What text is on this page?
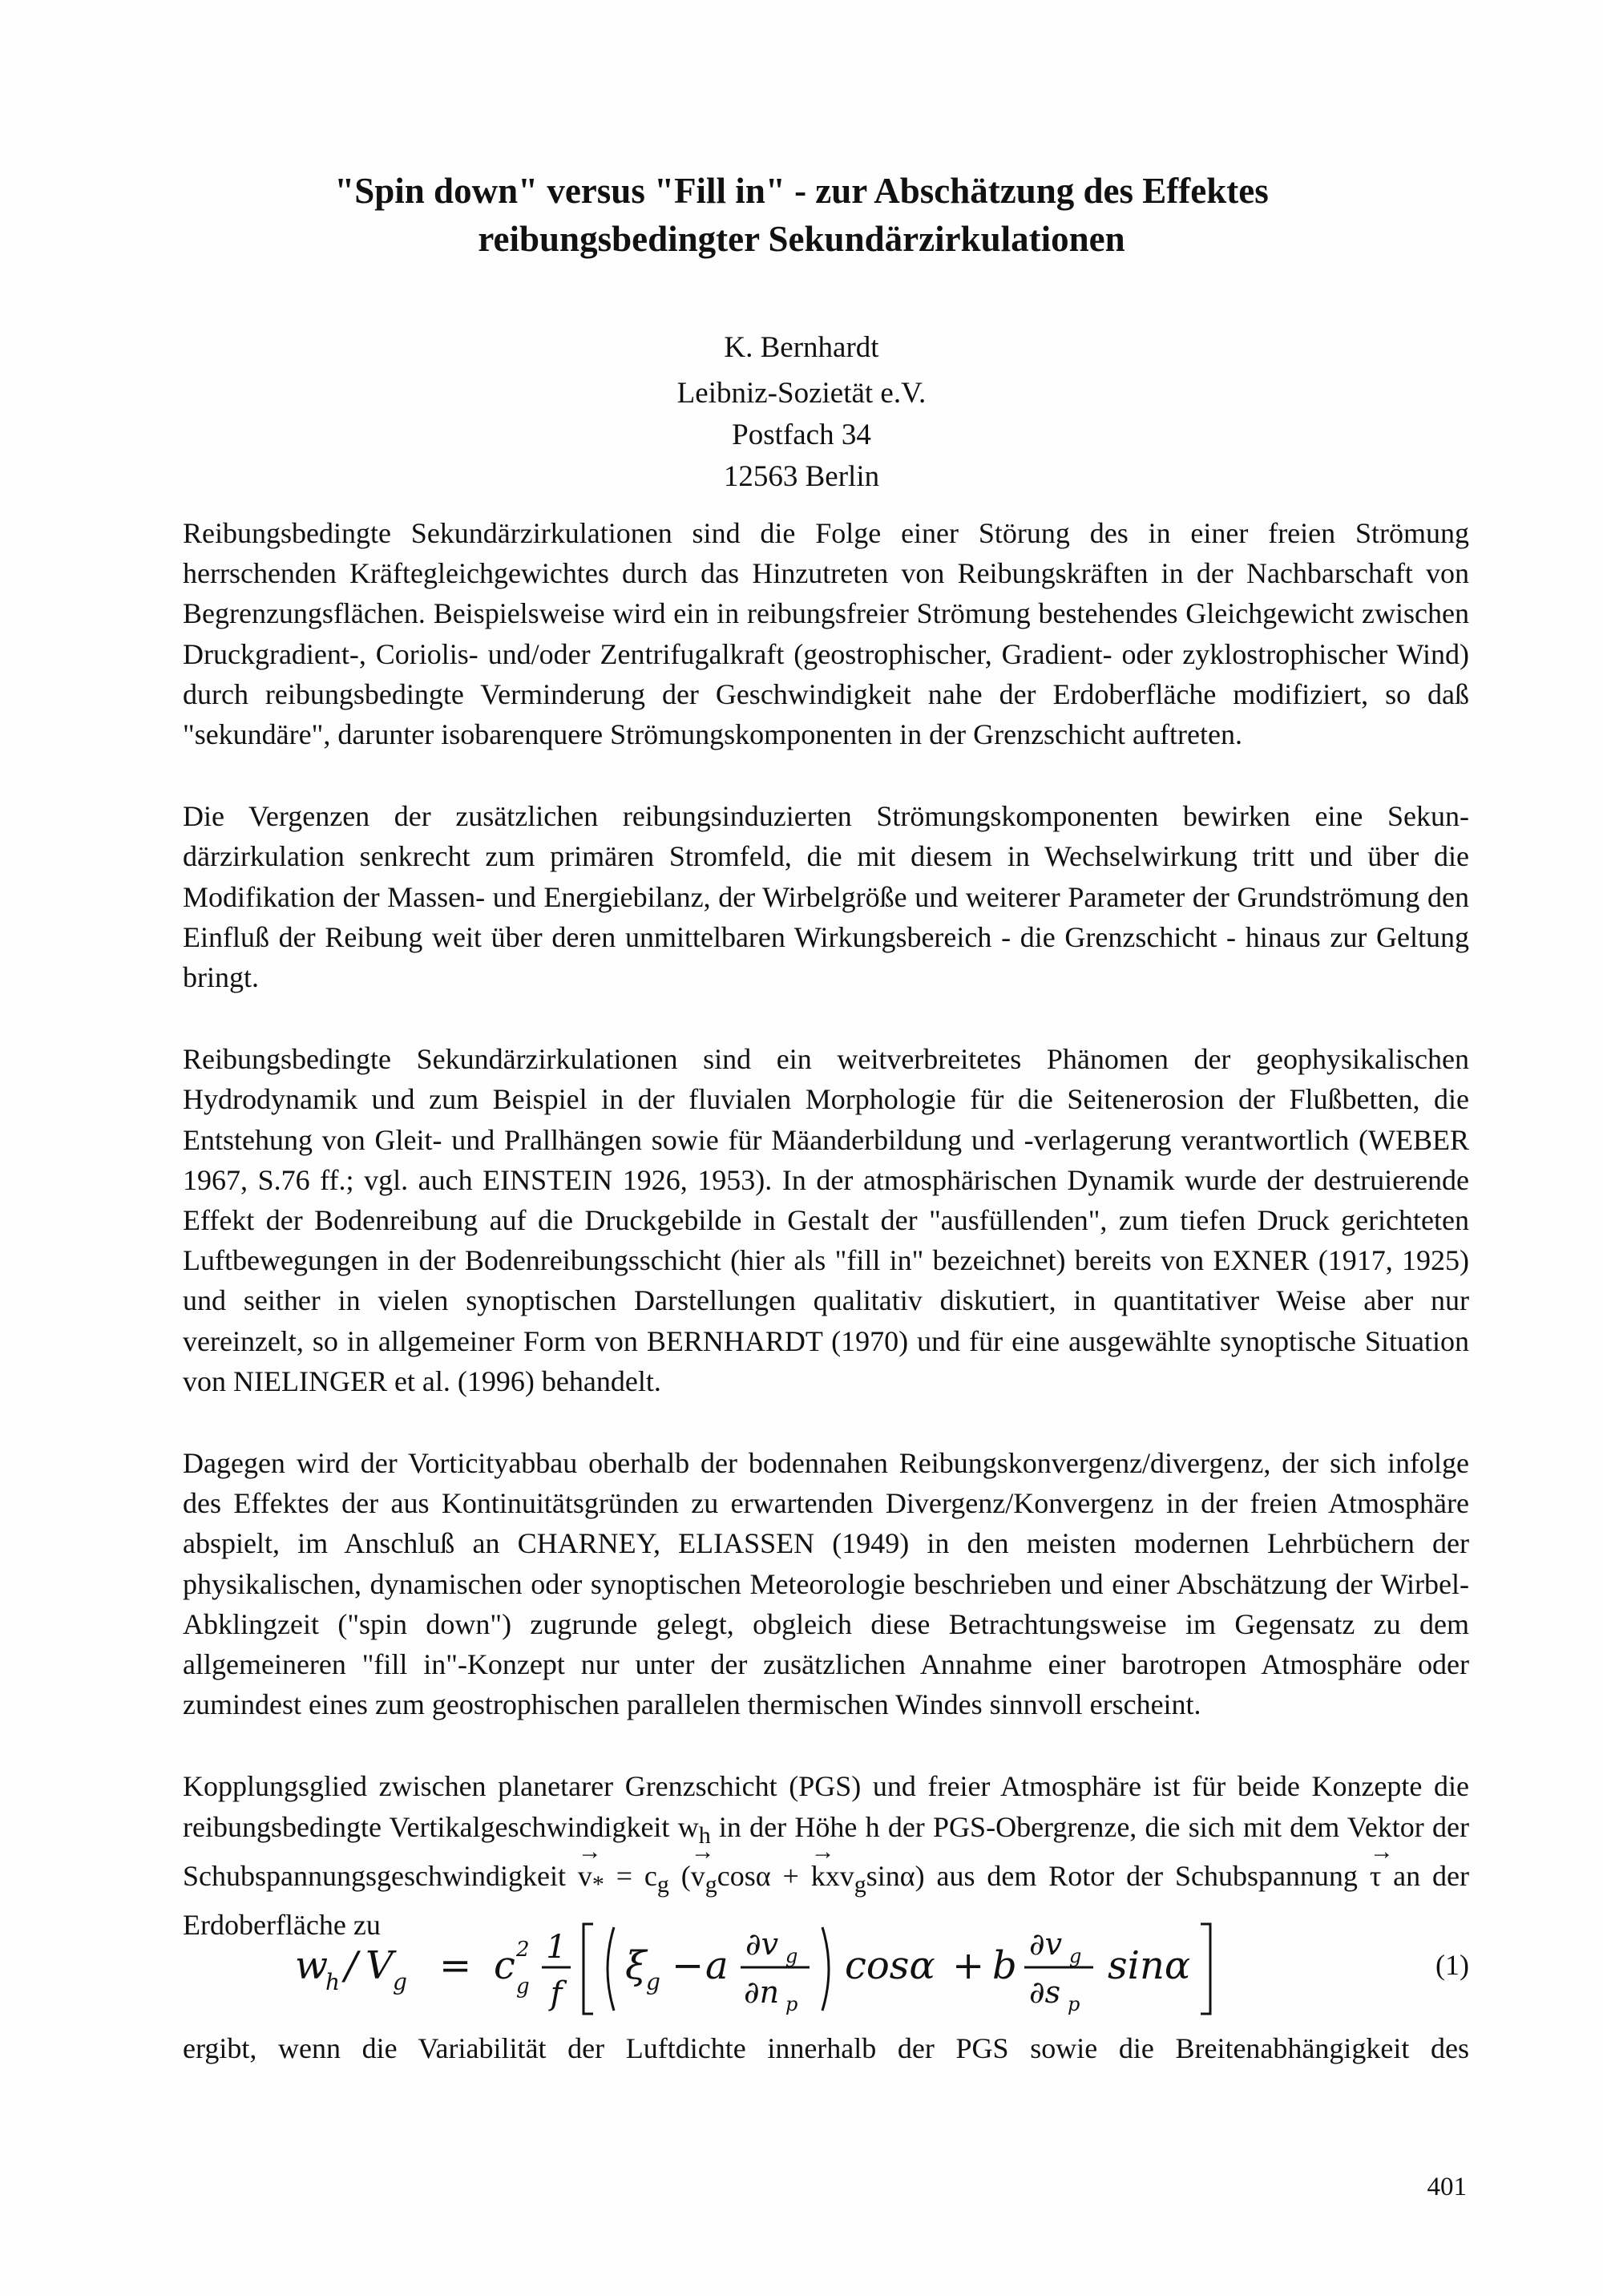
"Spin down" versus "Fill in" - zur Abschätzung des Effektes
reibungsbedingter Sekundärzirkulationen
K. Bernhardt
Leibniz-Sozietät e.V.
Postfach 34
12563 Berlin

Reibungsbedingte Sekundärzirkulationen sind die Folge einer Störung des in einer freien Strömung herrschenden Kräftegleichgewichtes durch das Hinzutreten von Reibungskräften in der Nachbarschaft von Begrenzungsflächen. Beispielsweise wird ein in reibungsfreier Strömung bestehendes Gleichgewicht zwischen Druckgradient-, Coriolis- und/oder Zentrifugalkraft (geostrophischer, Gradient- oder zyklostrophischer Wind) durch reibungsbedingte Verminderung der Geschwindigkeit nahe der Erdoberfläche modifiziert, so daß "sekundäre", darunter isobarenquere Strömungskomponenten in der Grenzschicht auftreten.

Die Vergenzen der zusätzlichen reibungsinduzierten Strömungskomponenten bewirken eine Sekundärzirkulation senkrecht zum primären Stromfeld, die mit diesem in Wechselwirkung tritt und über die Modifikation der Massen- und Energiebilanz, der Wirbelgröße und weiterer Parameter der Grundströmung den Einfluß der Reibung weit über deren unmittelbaren Wirkungsbereich - die Grenzschicht - hinaus zur Geltung bringt.

Reibungsbedingte Sekundärzirkulationen sind ein weitverbreitetes Phänomen der geophysikalischen Hydrodynamik und zum Beispiel in der fluvialen Morphologie für die Seitenerosion der Flußbetten, die Entstehung von Gleit- und Prallhängen sowie für Mäanderbildung und -verlagerung verantwortlich (WEBER 1967, S.76 ff.; vgl. auch EINSTEIN 1926, 1953). In der atmosphärischen Dynamik wurde der destruierende Effekt der Bodenreibung auf die Druckgebilde in Gestalt der "ausfüllenden", zum tiefen Druck gerichteten Luftbewegungen in der Bodenreibungsschicht (hier als "fill in" bezeichnet) bereits von EXNER (1917, 1925) und seither in vielen synoptischen Darstellungen qualitativ diskutiert, in quantitativer Weise aber nur vereinzelt, so in allgemeiner Form von BERNHARDT (1970) und für eine ausgewählte synoptische Situation von NIELINGER et al. (1996) behandelt.

Dagegen wird der Vorticityabbau oberhalb der bodennahen Reibungskonvergenz/divergenz, der sich infolge des Effektes der aus Kontinuitätsgründen zu erwartenden Divergenz/Konvergenz in der freien Atmosphäre abspielt, im Anschluß an CHARNEY, ELIASSEN (1949) in den meisten modernen Lehrbüchern der physikalischen, dynamischen oder synoptischen Meteorologie beschrieben und einer Abschätzung der Wirbel-Abklingzeit ("spin down") zugrunde gelegt, obgleich diese Betrachtungsweise im Gegensatz zu dem allgemeineren "fill in"-Konzept nur unter der zusätzlichen Annahme einer barotropen Atmosphäre oder zumindest eines zum geostrophischen parallelen thermischen Windes sinnvoll erscheint.

Kopplungsglied zwischen planetarer Grenzschicht (PGS) und freier Atmosphäre ist für beide Konzepte die reibungsbedingte Vertikalgeschwindigkeit $w_h$ in der Höhe h der PGS-Obergrenze, die sich mit dem Vektor der Schubspannungsgeschwindigkeit → $v_* = c_g$ (→ $v_g\cos\alpha$ + → kxv$_g$sinα) aus dem Rotor der Schubspannung → τ an der Erdoberfläche zu

w
h / V g = c 2
g
1
f
ξ g − a ∂v g
∂n p
cosα + b ∂v g
∂s p
sinα	(1)
ergibt, wenn die Variabilität der Luftdichte innerhalb der PGS sowie die Breitenabhängigkeit des
401
